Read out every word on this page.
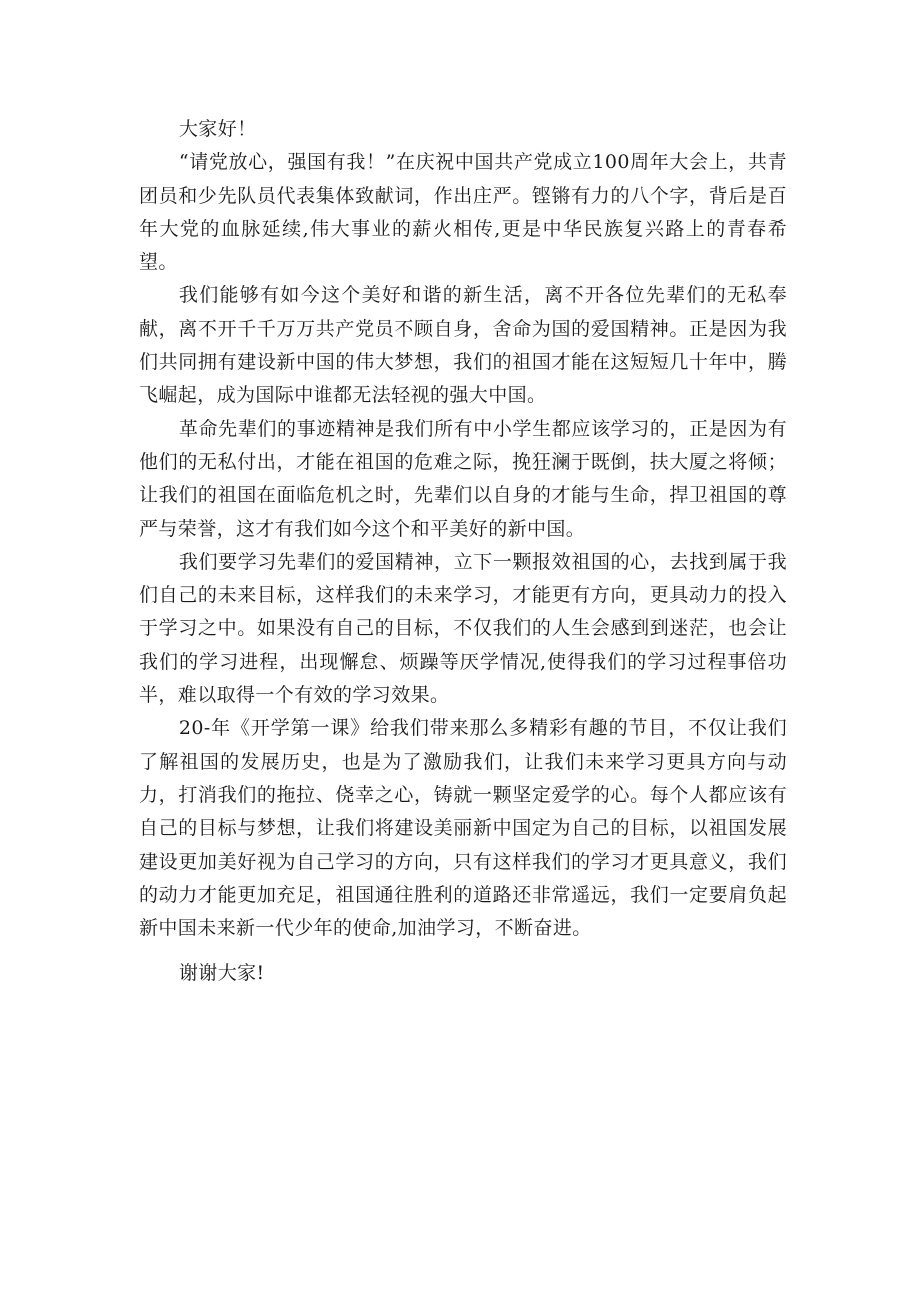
大家好！

“请党放心，强国有我！”在庆祝中国共产党成立100周年大会上，共青团员和少先队员代表集体致献词，作出庄严。铿锵有力的八个字，背后是百年大党的血脉延续,伟大事业的薪火相传,更是中华民族复兴路上的青春希望。

我们能够有如今这个美好和谐的新生活，离不开各位先辈们的无私奉献，离不开千千万万共产党员不顾自身，舍命为国的爱国精神。正是因为我们共同拥有建设新中国的伟大梦想，我们的祖国才能在这短短几十年中，腾飞崛起，成为国际中谁都无法轻视的强大中国。

革命先辈们的事迹精神是我们所有中小学生都应该学习的，正是因为有他们的无私付出，才能在祖国的危难之际，挽狂澜于既倒，扶大厦之将倾；让我们的祖国在面临危机之时，先辈们以自身的才能与生命，捍卫祖国的尊严与荣誉，这才有我们如今这个和平美好的新中国。

我们要学习先辈们的爱国精神，立下一颗报效祖国的心，去找到属于我们自己的未来目标，这样我们的未来学习，才能更有方向，更具动力的投入于学习之中。如果没有自己的目标，不仅我们的人生会感到到迷茫，也会让我们的学习进程，出现懈怠、烦躁等厌学情况,使得我们的学习过程事倍功半，难以取得一个有效的学习效果。

20-年《开学第一课》给我们带来那么多精彩有趣的节目，不仅让我们了解祖国的发展历史，也是为了激励我们，让我们未来学习更具方向与动力，打消我们的拖拉、侥幸之心，铸就一颗坚定爱学的心。每个人都应该有自己的目标与梦想，让我们将建设美丽新中国定为自己的目标，以祖国发展建设更加美好视为自己学习的方向，只有这样我们的学习才更具意义，我们的动力才能更加充足，祖国通往胜利的道路还非常遥远，我们一定要肩负起新中国未来新一代少年的使命,加油学习，不断奋进。

谢谢大家!
